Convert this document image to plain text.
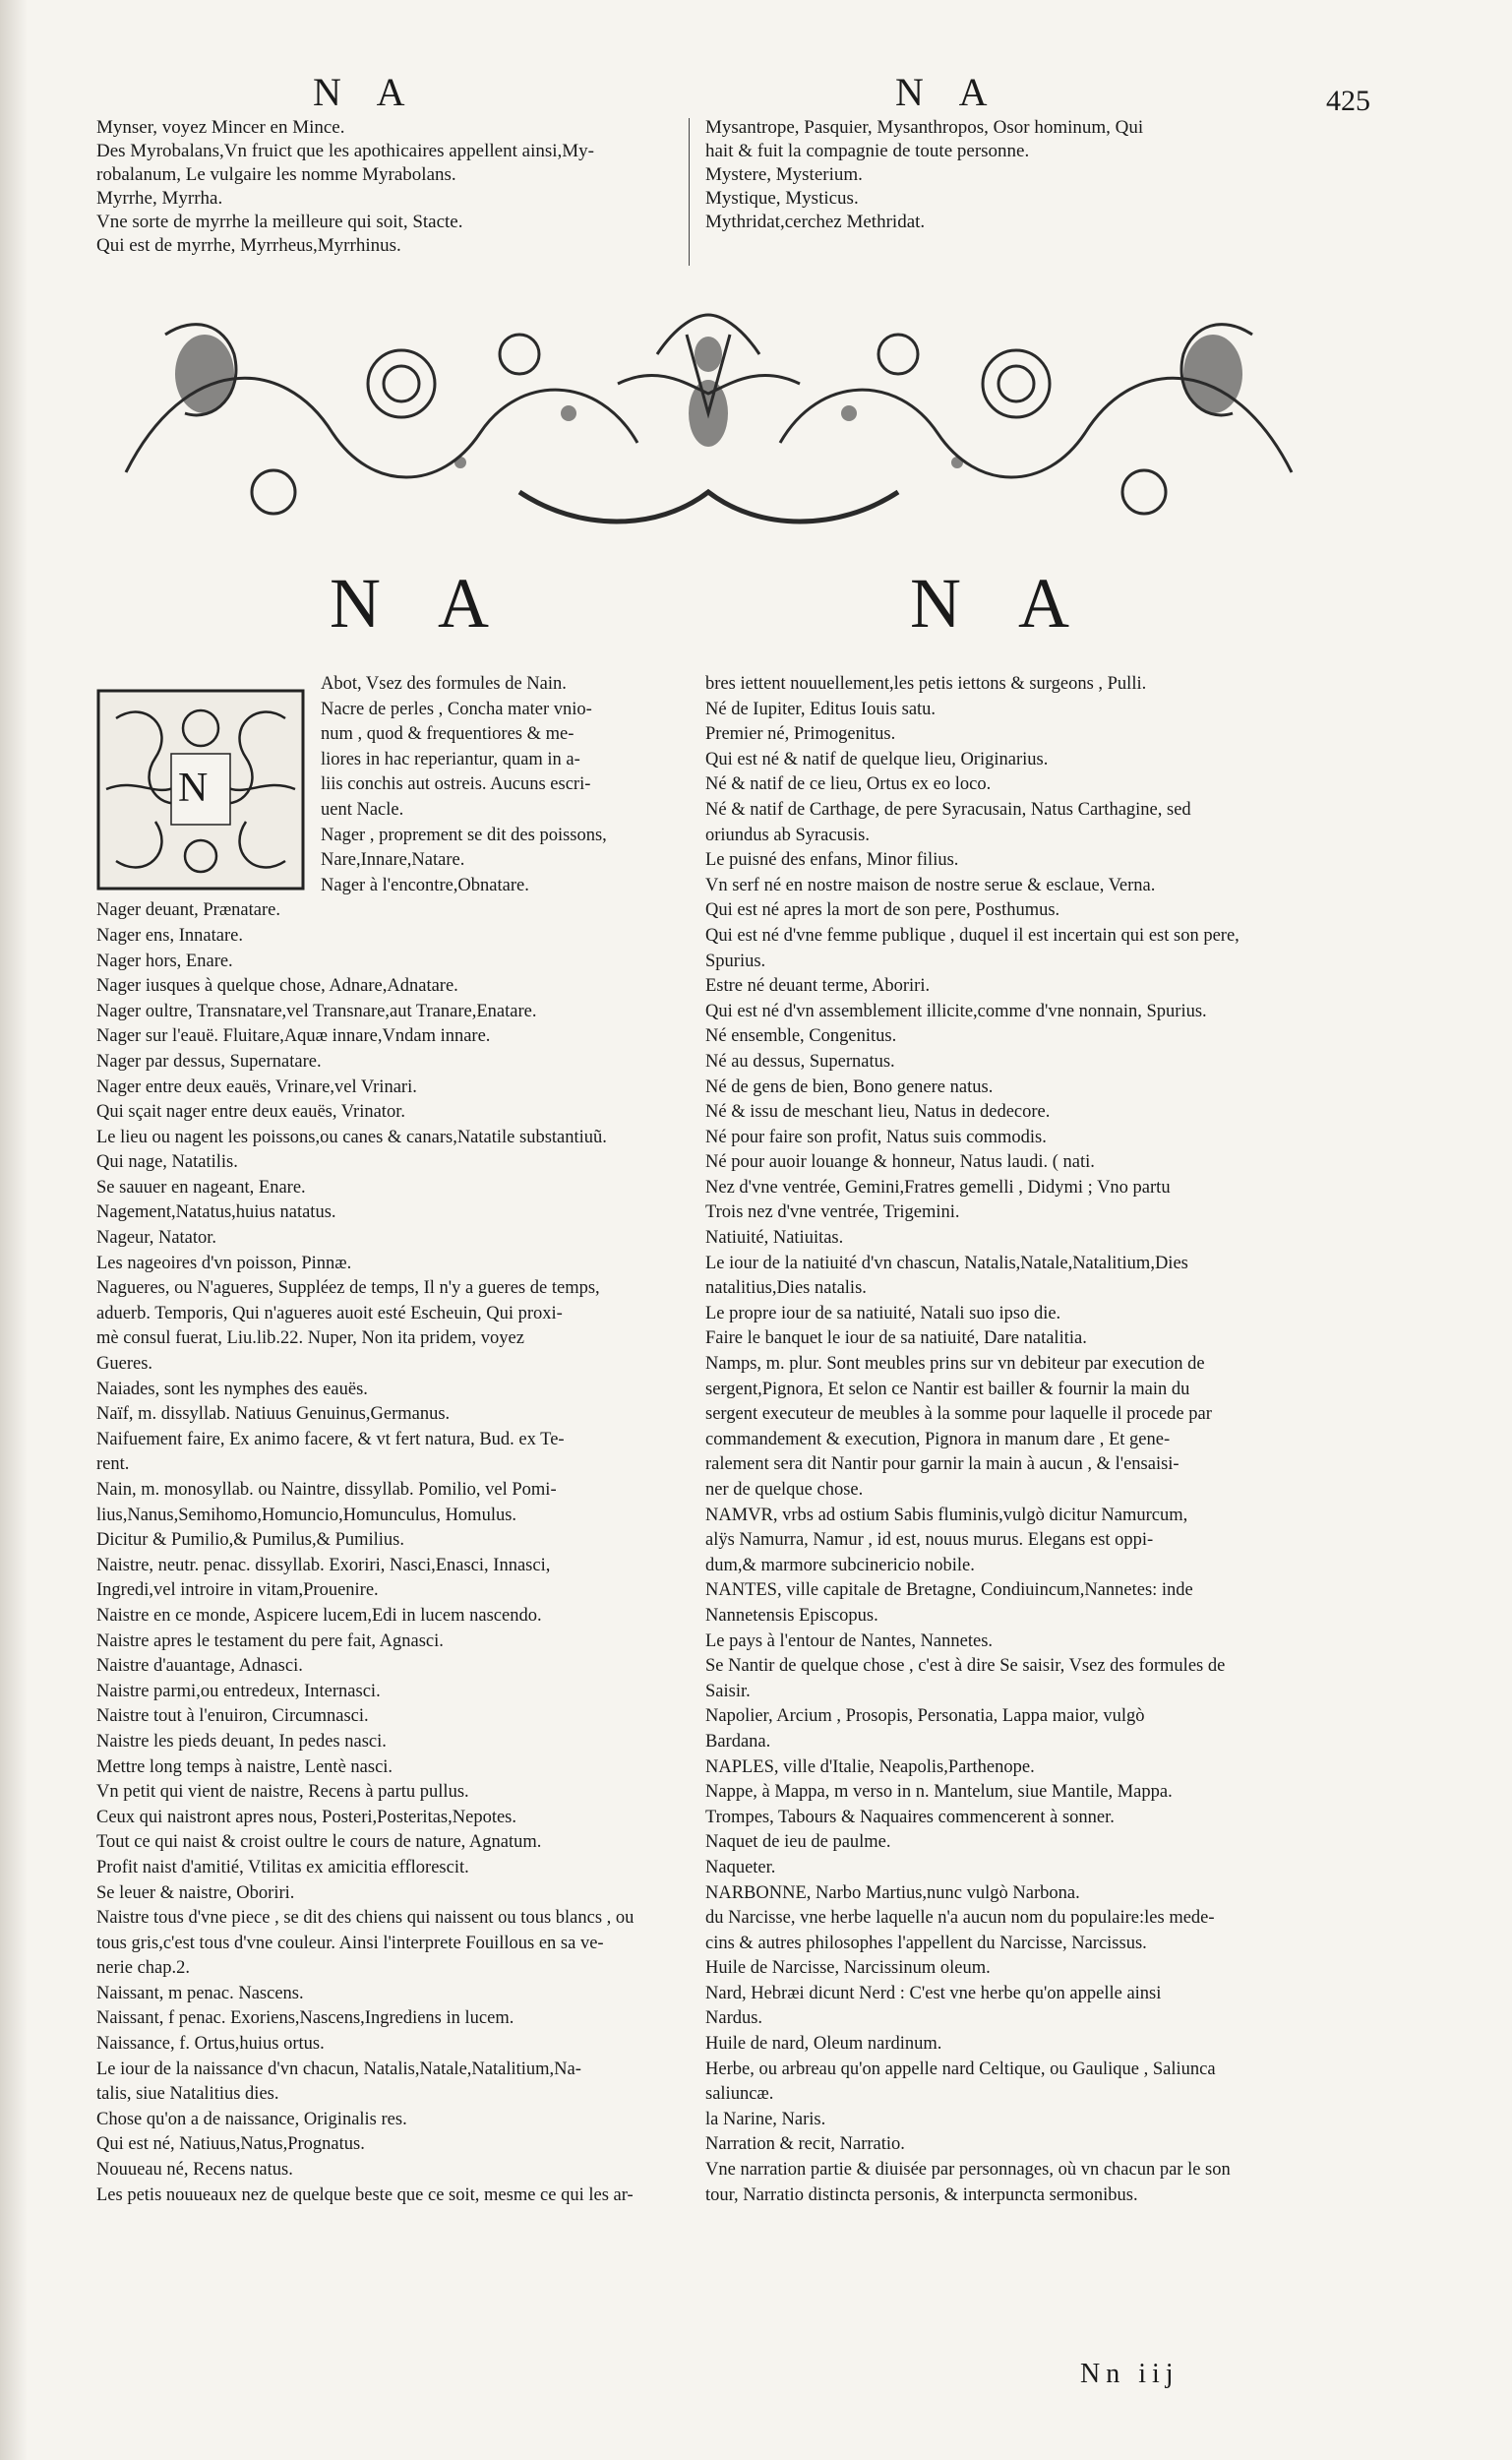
N A	N A	425
Mynser, voyez Mincer en Mince.
Des Myrobalans,Vn fruict que les apothicaires appellent ainsi,My-
robalanum, Le vulgaire les nomme Myrabolans.
Myrrhe, Myrrha.
Vne sorte de myrrhe la meilleure qui soit, Stacte.
Qui est de myrrhe, Myrrheus,Myrrhinus.
Mysantrope, Pasquier, Mysanthropos, Osor hominum, Qui
hait & fuit la compagnie de toute personne.
Mystere, Mysterium.
Mystique, Mysticus.
Mythridat,cerchez Methridat.
N A	N A
N
Abot, Vsez des formules de Nain.
Nacre de perles , Concha mater vnio-
num , quod & frequentiores & me-
liores in hac reperiantur, quam in a-
liis conchis aut ostreis. Aucuns escri-
uent Nacle.
Nager , proprement se dit des poissons,
Nare,Innare,Natare.
Nager à l'encontre,Obnatare.
Nager deuant, Prænatare.
Nager ens, Innatare.
Nager hors, Enare.
Nager iusques à quelque chose, Adnare,Adnatare.
Nager oultre, Transnatare,vel Transnare,aut Tranare,Enatare.
Nager sur l'eauë. Fluitare,Aquæ innare,Vndam innare.
Nager par dessus, Supernatare.
Nager entre deux eauës, Vrinare,vel Vrinari.
Qui sçait nager entre deux eauës, Vrinator.
Le lieu ou nagent les poissons,ou canes & canars,Natatile substantiuũ.
Qui nage, Natatilis.
Se sauuer en nageant, Enare.
Nagement,Natatus,huius natatus.
Nageur, Natator.
Les nageoires d'vn poisson, Pinnæ.
Naguеres, ou N'agueres, Suppléez de temps, Il n'y a gueres de temps,
aduerb. Temporis, Qui n'agueres auoit esté Escheuin, Qui proxi-
mè consul fuerat, Liu.lib.22. Nuper, Non ita pridem, voyez
Gueres.
Naiades, sont les nymphes des eauës.
Naïf, m. dissyllab. Natiuus Genuinus,Germanus.
Naifuement faire, Ex animo facere, & vt fert natura, Bud. ex Te-
rent.
Nain, m. monosyllab. ou Naintre, dissyllab. Pomilio, vel Pomi-
lius,Nanus,Semihomo,Homuncio,Homunculus, Homulus.
Dicitur & Pumilio,& Pumilus,& Pumilius.
Naistre, neutr. penac. dissyllab. Exoriri, Nasci,Enasci, Innasci,
Ingredi,vel introire in vitam,Prouenire.
Naistre en ce monde, Aspicere lucem,Edi in lucem nascendo.
Naistre apres le testament du pere fait, Agnasci.
Naistre d'auantage, Adnasci.
Naistre parmi,ou entredeux, Internasci.
Naistre tout à l'enuiron, Circumnasci.
Naistre les pieds deuant, In pedes nasci.
Mettre long temps à naistre, Lentè nasci.
Vn petit qui vient de naistre, Recens à partu pullus.
Ceux qui naistront apres nous, Posteri,Posteritas,Nepotes.
Tout ce qui naist & croist oultre le cours de nature, Agnatum.
Profit naist d'amitié, Vtilitas ex amicitia efflorescit.
Se leuer & naistre, Oboriri.
Naistre tous d'vne piece , se dit des chiens qui naissent ou tous blancs , ou
tous gris,c'est tous d'vne couleur. Ainsi l'interprete Fouillous en sa ve-
nerie chap.2.
Naissant, m penac. Nascens.
Naissant, f penac. Exoriens,Nascens,Ingrediens in lucem.
Naissance, f. Ortus,huius ortus.
Le iour de la naissance d'vn chacun, Natalis,Natale,Natalitium,Na-
talis, siue Natalitius dies.
Chose qu'on a de naissance, Originalis res.
Qui est né, Natiuus,Natus,Prognatus.
Nouueau né, Recens natus.
Les petis nouueaux nez de quelque beste que ce soit, mesme ce qui les ar-
bres iettent nouuellement,les petis iettons & surgeons , Pulli.
Né de Iupiter, Editus Iouis satu.
Premier né, Primogenitus.
Qui est né & natif de quelque lieu, Originarius.
Né & natif de ce lieu, Ortus ex eo loco.
Né & natif de Carthage, de pere Syracusain, Natus Carthagine, sed
oriundus ab Syracusis.
Le puisné des enfans, Minor filius.
Vn serf né en nostre maison de nostre serue & esclaue, Verna.
Qui est né apres la mort de son pere, Posthumus.
Qui est né d'vne femme publique , duquel il est incertain qui est son pere,
Spurius.
Estre né deuant terme, Aboriri.
Qui est né d'vn assemblement illicite,comme d'vne nonnain, Spurius.
Né ensemble, Congenitus.
Né au dessus, Supernatus.
Né de gens de bien, Bono genere natus.
Né & issu de meschant lieu, Natus in dedecore.
Né pour faire son profit, Natus suis commodis.
Né pour auoir louange & honneur, Natus laudi. ( nati.
Nez d'vne ventrée, Gemini,Fratres gemelli , Didymi ; Vno partu
Trois nez d'vne ventrée, Trigemini.
Natiuité, Natiuitas.
Le iour de la natiuité d'vn chascun, Natalis,Natale,Natalitium,Dies
natalitius,Dies natalis.
Le propre iour de sa natiuité, Natali suo ipso die.
Faire le banquet le iour de sa natiuité, Dare natalitia.
Namps, m. plur. Sont meubles prins sur vn debiteur par execution de
sergent,Pignora, Et selon ce Nantir est bailler & fournir la main du
sergent executeur de meubles à la somme pour laquelle il procede par
commandement & execution, Pignora in manum dare , Et gene-
ralement sera dit Nantir pour garnir la main à aucun , & l'ensaisi-
ner de quelque chose.
NAMVR, vrbs ad ostium Sabis fluminis,vulgò dicitur Namurcum,
alÿs Namurra, Namur , id est, nouus murus. Elegans est oppi-
dum,& marmore subcinericio nobile.
NANTES, ville capitale de Bretagne, Condiuincum,Nannetes: inde
Nannetensis Episcopus.
Le pays à l'entour de Nantes, Nannetes.
Se Nantir de quelque chose , c'est à dire Se saisir, Vsez des formules de
Saisir.
Napolier, Arcium , Prosopis, Personatia, Lappa maior, vulgò
Bardana.
NAPLES, ville d'Italie, Neapolis,Parthenope.
Nappe, à Mappa, m verso in n. Mantelum, siue Mantile, Mappa.
Trompes, Tabours & Naquaires commencerent à sonner.
Naquet de ieu de paulme.
Naqueter.
NARBONNE, Narbo Martius,nunc vulgò Narbona.
du Narcisse, vne herbe laquelle n'a aucun nom du populaire:les mede-
cins & autres philosophes l'appellent du Narcisse, Narcissus.
Huile de Narcisse, Narcissinum oleum.
Nard, Hebræi dicunt Nerd : C'est vne herbe qu'on appelle ainsi
Nardus.
Huile de nard, Oleum nardinum.
Herbe, ou arbreau qu'on appelle nard Celtique, ou Gaulique , Saliunca
saliuncæ.
la Narine, Naris.
Narration & recit, Narratio.
Vne narration partie & diuisée par personnages, où vn chacun par le son
tour, Narratio distincta personis, & interpuncta sermonibus.
Nn iij
